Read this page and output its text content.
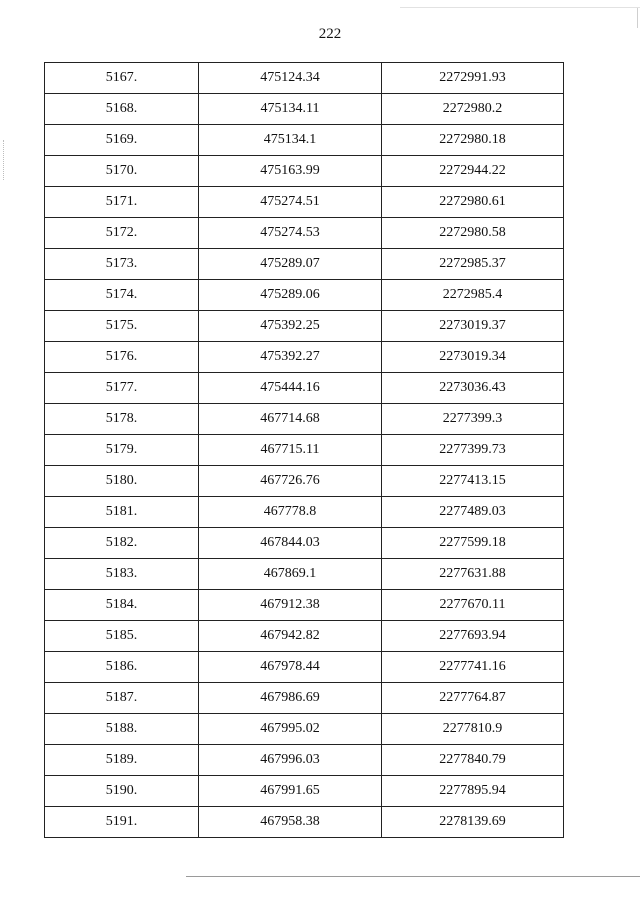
222
5167.	475124.34	2272991.93
5168.	475134.11	2272980.2
5169.	475134.1	2272980.18
5170.	475163.99	2272944.22
5171.	475274.51	2272980.61
5172.	475274.53	2272980.58
5173.	475289.07	2272985.37
5174.	475289.06	2272985.4
5175.	475392.25	2273019.37
5176.	475392.27	2273019.34
5177.	475444.16	2273036.43
5178.	467714.68	2277399.3
5179.	467715.11	2277399.73
5180.	467726.76	2277413.15
5181.	467778.8	2277489.03
5182.	467844.03	2277599.18
5183.	467869.1	2277631.88
5184.	467912.38	2277670.11
5185.	467942.82	2277693.94
5186.	467978.44	2277741.16
5187.	467986.69	2277764.87
5188.	467995.02	2277810.9
5189.	467996.03	2277840.79
5190.	467991.65	2277895.94
5191.	467958.38	2278139.69
